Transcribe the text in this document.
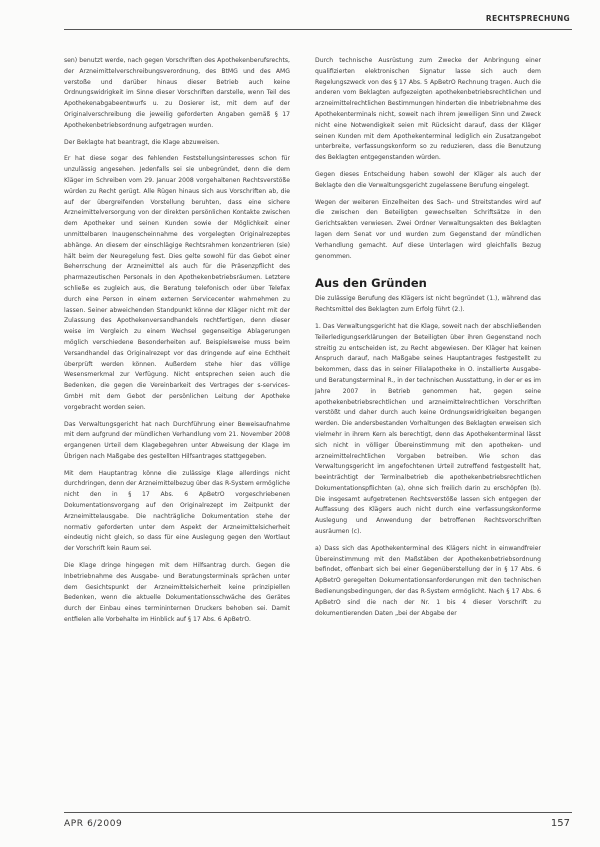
RECHTSPRECHUNG

sen) benutzt werde, nach gegen Vorschriften des Apothekenberufsrechts, der Arzneimittelverschreibungsverordnung, des BtMG und des AMG verstoße und darüber hinaus dieser Betrieb auch keine Ordnungswidrigkeit im Sinne dieser Vorschriften darstelle, wenn Teil des Apothekenabgabeentwurfs u. zu Dosierer ist, mit dem auf der Originalverschreibung die jeweilig geforderten Angaben gemäß § 17 Apothekenbetriebsordnung aufgetragen wurden.

Der Beklagte hat beantragt, die Klage abzuweisen.

Er hat diese sogar des fehlenden Feststellungsinteresses schon für unzulässig angesehen. Jedenfalls sei sie unbegründet, denn die dem Kläger im Schreiben vom 29. Januar 2008 vorgehaltenen Rechtsverstöße würden zu Recht gerügt. Alle Rügen hinaus sich aus Vorschriften ab, die auf der übergreifenden Vorstellung beruhten, dass eine sichere Arzneimittelversorgung von der direkten persönlichen Kontakte zwischen dem Apotheker und seinen Kunden sowie der Möglichkeit einer unmittelbaren Inaugenscheinnahme des vorgelegten Originalrezeptes abhänge. An diesem der einschlägige Rechtsrahmen konzentrieren (sie) hält beim der Neuregelung fest. Dies gelte sowohl für das Gebot einer Beherrschung der Arzneimittel als auch für die Präsenzpflicht des pharmazeutischen Personals in den Apothekenbetriebsräumen. Letztere schließe es zugleich aus, die Beratung telefonisch oder über Telefax durch eine Person in einem externen Servicecenter wahrnehmen zu lassen. Seiner abweichenden Standpunkt könne der Kläger nicht mit der Zulassung des Apothekenversandhandels rechtfertigen, denn dieser weise im Vergleich zu einem Wechsel gegenseitige Ablagerungen möglich verschiedene Besonderheiten auf. Beispielsweise muss beim Versandhandel das Originalrezept vor das dringende auf eine Echtheit überprüft werden können. Außerdem stehe hier das völlige Wesensmerkmal zur Verfügung. Nicht entsprechen seien auch die Bedenken, die gegen die Vereinbarkeit des Vertrages der s-services-GmbH mit dem Gebot der persönlichen Leitung der Apotheke vorgebracht worden seien.

Das Verwaltungsgericht hat nach Durchführung einer Beweisaufnahme mit dem aufgrund der mündlichen Verhandlung vom 21. November 2008 ergangenen Urteil dem Klagebegehren unter Abweisung der Klage im Übrigen nach Maßgabe des gestellten Hilfsantrages stattgegeben.

Mit dem Hauptantrag könne die zulässige Klage allerdings nicht durchdringen, denn der Arzneimittelbezug über das R-System ermögliche nicht den in § 17 Abs. 6 ApBetrO vorgeschriebenen Dokumentationsvorgang auf den Originalrezept im Zeitpunkt der Arzneimittelausgabe. Die nachträgliche Dokumentation stehe der normativ geforderten unter dem Aspekt der Arzneimittelsicherheit eindeutig nicht gleich, so dass für eine Auslegung gegen den Wortlaut der Vorschrift kein Raum sei.

Die Klage dringe hingegen mit dem Hilfsantrag durch. Gegen die Inbetriebnahme des Ausgabe- und Beratungsterminals sprächen unter dem Gesichtspunkt der Arzneimittelsicherheit keine prinzipiellen Bedenken, wenn die aktuelle Dokumentationsschwäche des Gerätes durch der Einbau eines termininternen Druckers behoben sei. Damit entfielen alle Vorbehalte im Hinblick auf § 17 Abs. 6 ApBetrO.

Durch technische Ausrüstung zum Zwecke der Anbringung einer qualifizierten elektronischen Signatur lasse sich auch dem Regelungszweck von des § 17 Abs. 5 ApBetrO Rechnung tragen. Auch die anderen vom Beklagten aufgezeigten apothekenbetriebsrechtlichen und arzneimittelrechtlichen Bestimmungen hinderten die Inbetriebnahme des Apothekenterminals nicht, soweit nach ihrem jeweiligen Sinn und Zweck nicht eine Notwendigkeit seien mit Rücksicht darauf, dass der Kläger seinen Kunden mit dem Apothekenterminal lediglich ein Zusatzangebot unterbreite, verfassungskonform so zu reduzieren, dass die Benutzung des Beklagten entgegenstanden würden.

Gegen dieses Entscheidung haben sowohl der Kläger als auch der Beklagte den die Verwaltungsgericht zugelassene Berufung eingelegt.

Wegen der weiteren Einzelheiten des Sach- und Streitstandes wird auf die zwischen den Beteiligten gewechselten Schriftsätze in den Gerichtsakten verwiesen. Zwei Ordner Verwaltungsakten des Beklagten lagen dem Senat vor und wurden zum Gegenstand der mündlichen Verhandlung gemacht. Auf diese Unterlagen wird gleichfalls Bezug genommen.

Aus den Gründen

Die zulässige Berufung des Klägers ist nicht begründet (1.), während das Rechtsmittel des Beklagten zum Erfolg führt (2.).

1. Das Verwaltungsgericht hat die Klage, soweit nach der abschließenden Teilerledigungserklärungen der Beteiligten über ihren Gegenstand noch streitig zu entscheiden ist, zu Recht abgewiesen. Der Kläger hat keinen Anspruch darauf, nach Maßgabe seines Hauptantrages festgestellt zu bekommen, dass das in seiner Filialapotheke in O. installierte Ausgabe- und Beratungsterminal R., in der technischen Ausstattung, in der er es im Jahre 2007 in Betrieb genommen hat, gegen seine apothekenbetriebsrechtlichen und arzneimittelrechtlichen Vorschriften verstößt und daher durch auch keine Ordnungswidrigkeiten begangen werden. Die andersbestanden Vorhaltungen des Beklagten erweisen sich vielmehr in ihrem Kern als berechtigt, denn das Apothekenterminal lässt sich nicht in völliger Übereinstimmung mit den apotheken- und arzneimittelrechtlichen Vorgaben betreiben. Wie schon das Verwaltungsgericht im angefochtenen Urteil zutreffend festgestellt hat, beeinträchtigt der Terminalbetrieb die apothekenbetriebsrechtlichen Dokumentationspflichten (a), ohne sich freilich darin zu erschöpfen (b). Die insgesamt aufgetretenen Rechtsverstöße lassen sich entgegen der Auffassung des Klägers auch nicht durch eine verfassungskonforme Auslegung und Anwendung der betroffenen Rechtsvorschriften ausräumen (c).

a) Dass sich das Apothekenterminal des Klägers nicht in einwandfreier Übereinstimmung mit den Maßstäben der Apothekenbetriebsordnung befindet, offenbart sich bei einer Gegenüberstellung der in § 17 Abs. 6 ApBetrO geregelten Dokumentationsanforderungen mit den technischen Bedienungsbedingungen, der das R-System ermöglicht. Nach § 17 Abs. 6 ApBetrO sind die nach der Nr. 1 bis 4 dieser Vorschrift zu dokumentierenden Daten „bei der Abgabe der

APR 6/2009	157
